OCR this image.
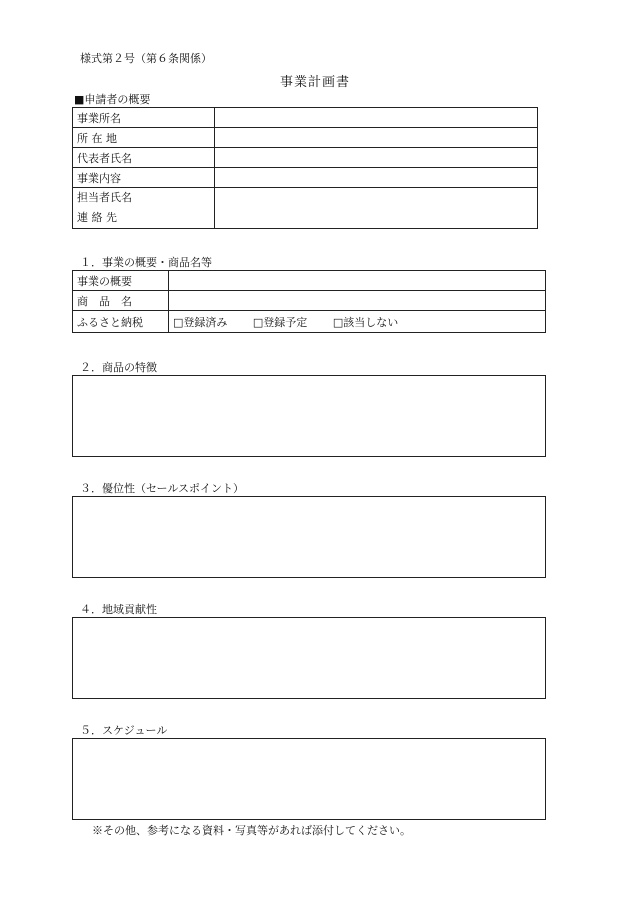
様式第２号（第６条関係）
事業計画書
■申請者の概要
事業所名	
所 在 地	
代表者氏名	
事業内容	

担当者氏名
連 絡 先	

１．事業の概要・商品名等
事業の概要	
商　品　名	
ふるさと納税	□登録済み □登録予定 □該当しない
２．商品の特徴
３．優位性（セールスポイント）
４．地域貢献性
５．スケジュール
※その他、参考になる資料・写真等があれば添付してください。
